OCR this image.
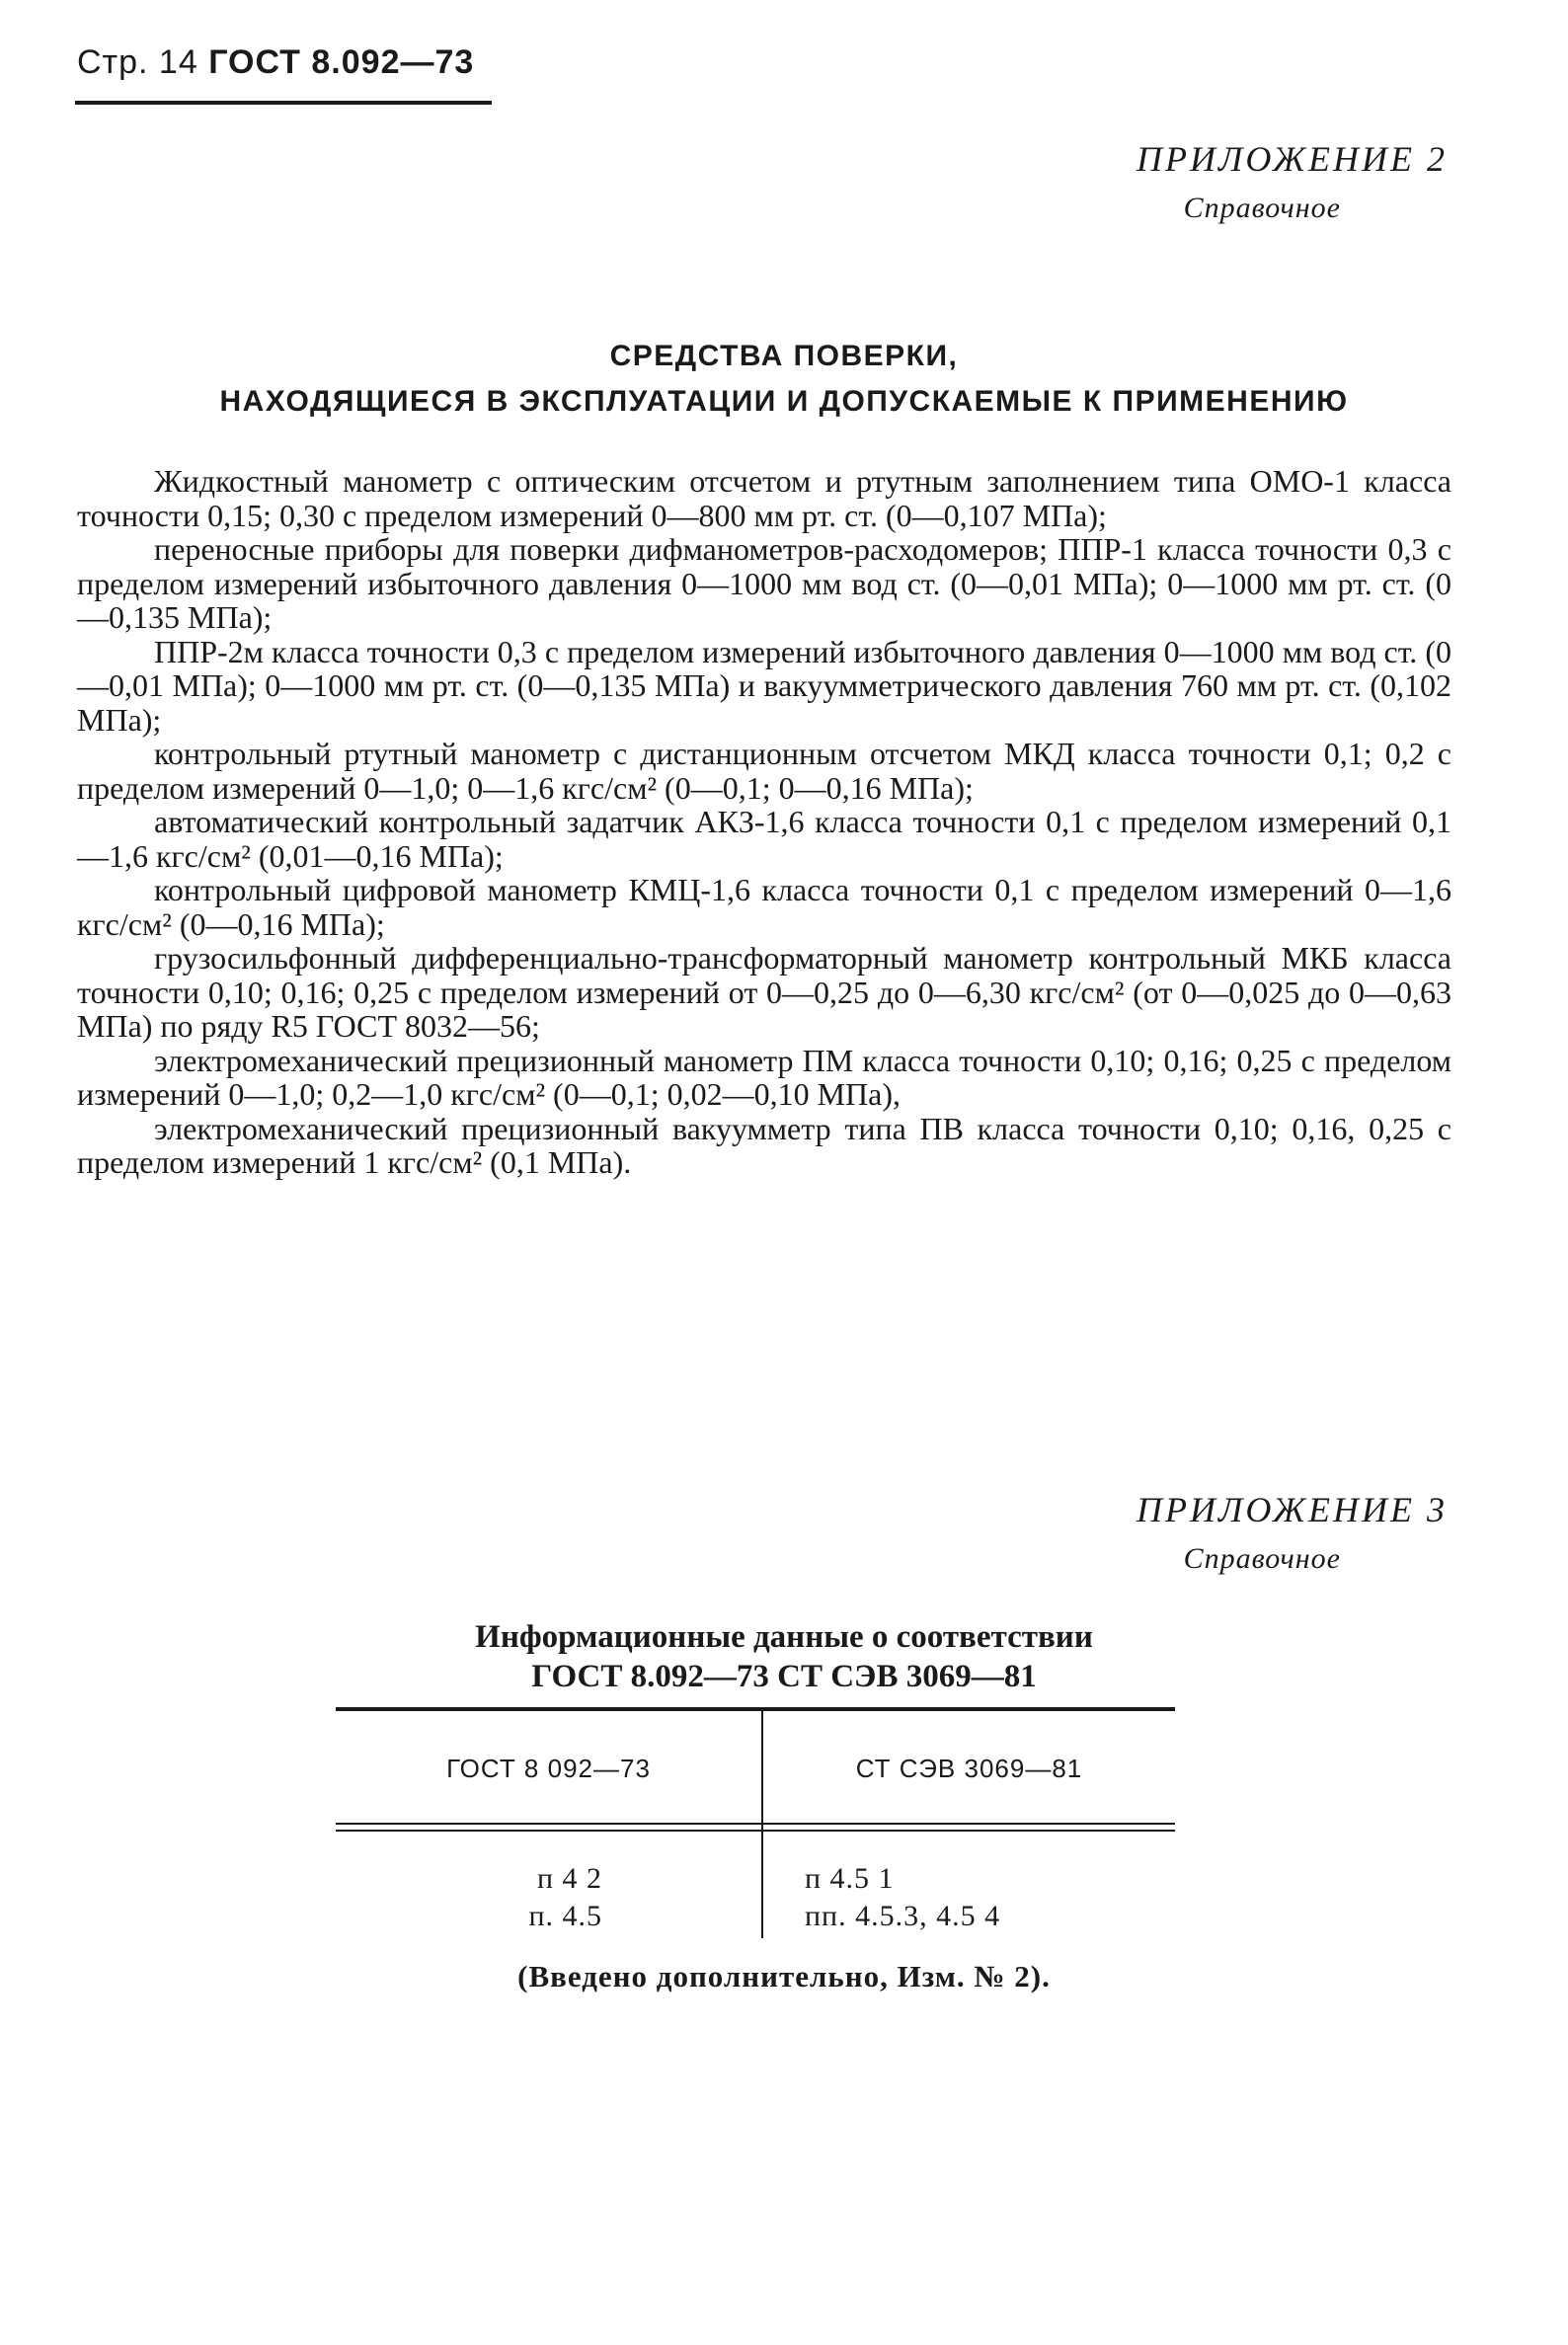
Стр. 14 ГОСТ 8.092—73
ПРИЛОЖЕНИЕ 2
Справочное
СРЕДСТВА ПОВЕРКИ,
НАХОДЯЩИЕСЯ В ЭКСПЛУАТАЦИИ И ДОПУСКАЕМЫЕ К ПРИМЕНЕНИЮ

Жидкостный манометр с оптическим отсчетом и ртутным заполнением типа ОМО-1 класса точности 0,15; 0,30 с пределом измерений 0—800 мм рт. ст. (0—0,107 МПа);

переносные приборы для поверки дифманометров-расходомеров; ППР-1 класса точности 0,3 с пределом измерений избыточного давления 0—1000 мм вод ст. (0—0,01 МПа); 0—1000 мм рт. ст. (0—0,135 МПа);

ППР-2м класса точности 0,3 с пределом измерений избыточного давления 0—1000 мм вод ст. (0—0,01 МПа); 0—1000 мм рт. ст. (0—0,135 МПа) и вакуумметрического давления 760 мм рт. ст. (0,102 МПа);

контрольный ртутный манометр с дистанционным отсчетом МКД класса точности 0,1; 0,2 с пределом измерений 0—1,0; 0—1,6 кгс/см² (0—0,1; 0—0,16 МПа);

автоматический контрольный задатчик АКЗ-1,6 класса точности 0,1 с пределом измерений 0,1—1,6 кгс/см² (0,01—0,16 МПа);

контрольный цифровой манометр КМЦ-1,6 класса точности 0,1 с пределом измерений 0—1,6 кгс/см² (0—0,16 МПа);

грузосильфонный дифференциально-трансформаторный манометр контрольный МКБ класса точности 0,10; 0,16; 0,25 с пределом измерений от 0—0,25 до 0—6,30 кгс/см² (от 0—0,025 до 0—0,63 МПа) по ряду R5 ГОСТ 8032—56;

электромеханический прецизионный манометр ПМ класса точности 0,10; 0,16; 0,25 с пределом измерений 0—1,0; 0,2—1,0 кгс/см² (0—0,1; 0,02—0,10 МПа),

электромеханический прецизионный вакуумметр типа ПВ класса точности 0,10; 0,16, 0,25 с пределом измерений 1 кгс/см² (0,1 МПа).

ПРИЛОЖЕНИЕ 3
Справочное
Информационные данные о соответствии
ГОСТ 8.092—73 СТ СЭВ 3069—81
ГОСТ 8 092—73	СТ СЭВ 3069—81
п 4 2
п. 4.5
п 4.5 1
пп. 4.5.3, 4.5 4
(Введено дополнительно, Изм. № 2).
